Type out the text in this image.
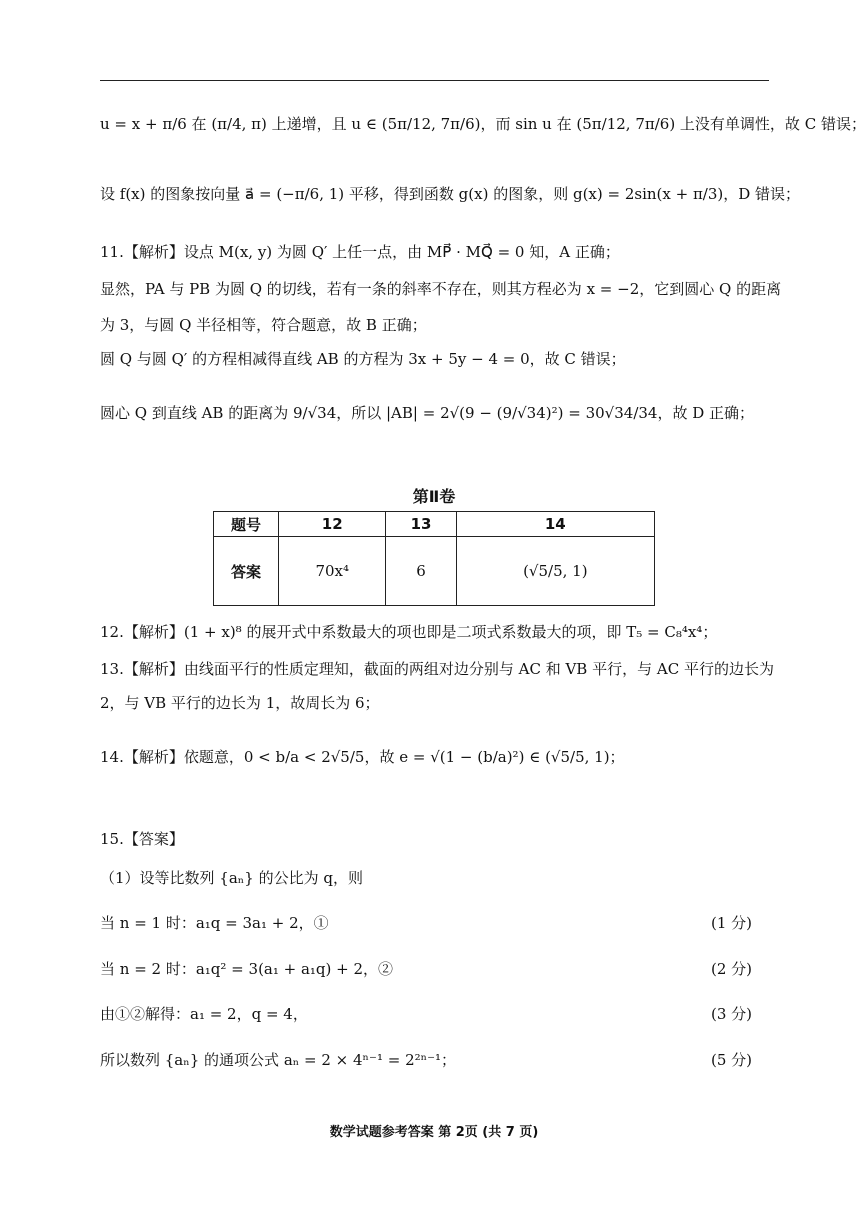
u = x + π/6 在 (π/4, π) 上递增，且 u ∈ (5π/12, 7π/6)，而 sin u 在 (5π/12, 7π/6) 上没有单调性，故 C 错误；
设 f(x) 的图象按向量 a⃗ = (−π/6, 1) 平移，得到函数 g(x) 的图象，则 g(x) = 2sin(x + π/3)，D 错误；
11.【解析】设点 M(x, y) 为圆 Q′ 上任一点，由 MP⃗ · MQ⃗ = 0 知，A 正确；
显然，PA 与 PB 为圆 Q 的切线，若有一条的斜率不存在，则其方程必为 x = −2，它到圆心 Q 的距离
为 3，与圆 Q 半径相等，符合题意，故 B 正确；
圆 Q 与圆 Q′ 的方程相减得直线 AB 的方程为 3x + 5y − 4 = 0，故 C 错误；
圆心 Q 到直线 AB 的距离为 9/√34，所以 |AB| = 2√(9 − (9/√34)²) = 30√34/34，故 D 正确；
第Ⅱ卷
题号	12	13	14
答案	70x⁴	6	(√5/5, 1)
12.【解析】(1 + x)⁸ 的展开式中系数最大的项也即是二项式系数最大的项，即 T₅ = C₈⁴x⁴；
13.【解析】由线面平行的性质定理知，截面的两组对边分别与 AC 和 VB 平行，与 AC 平行的边长为
2，与 VB 平行的边长为 1，故周长为 6；
14.【解析】依题意，0 < b/a < 2√5/5，故 e = √(1 − (b/a)²) ∈ (√5/5, 1)；
15.【答案】
（1）设等比数列 {aₙ} 的公比为 q，则
当 n = 1 时：a₁q = 3a₁ + 2，①	(1 分)
当 n = 2 时：a₁q² = 3(a₁ + a₁q) + 2，②	(2 分)
由①②解得：a₁ = 2，q = 4，	(3 分)
所以数列 {aₙ} 的通项公式 aₙ = 2 × 4ⁿ⁻¹ = 2²ⁿ⁻¹；	(5 分)
数学试题参考答案 第 2页 (共 7 页)
